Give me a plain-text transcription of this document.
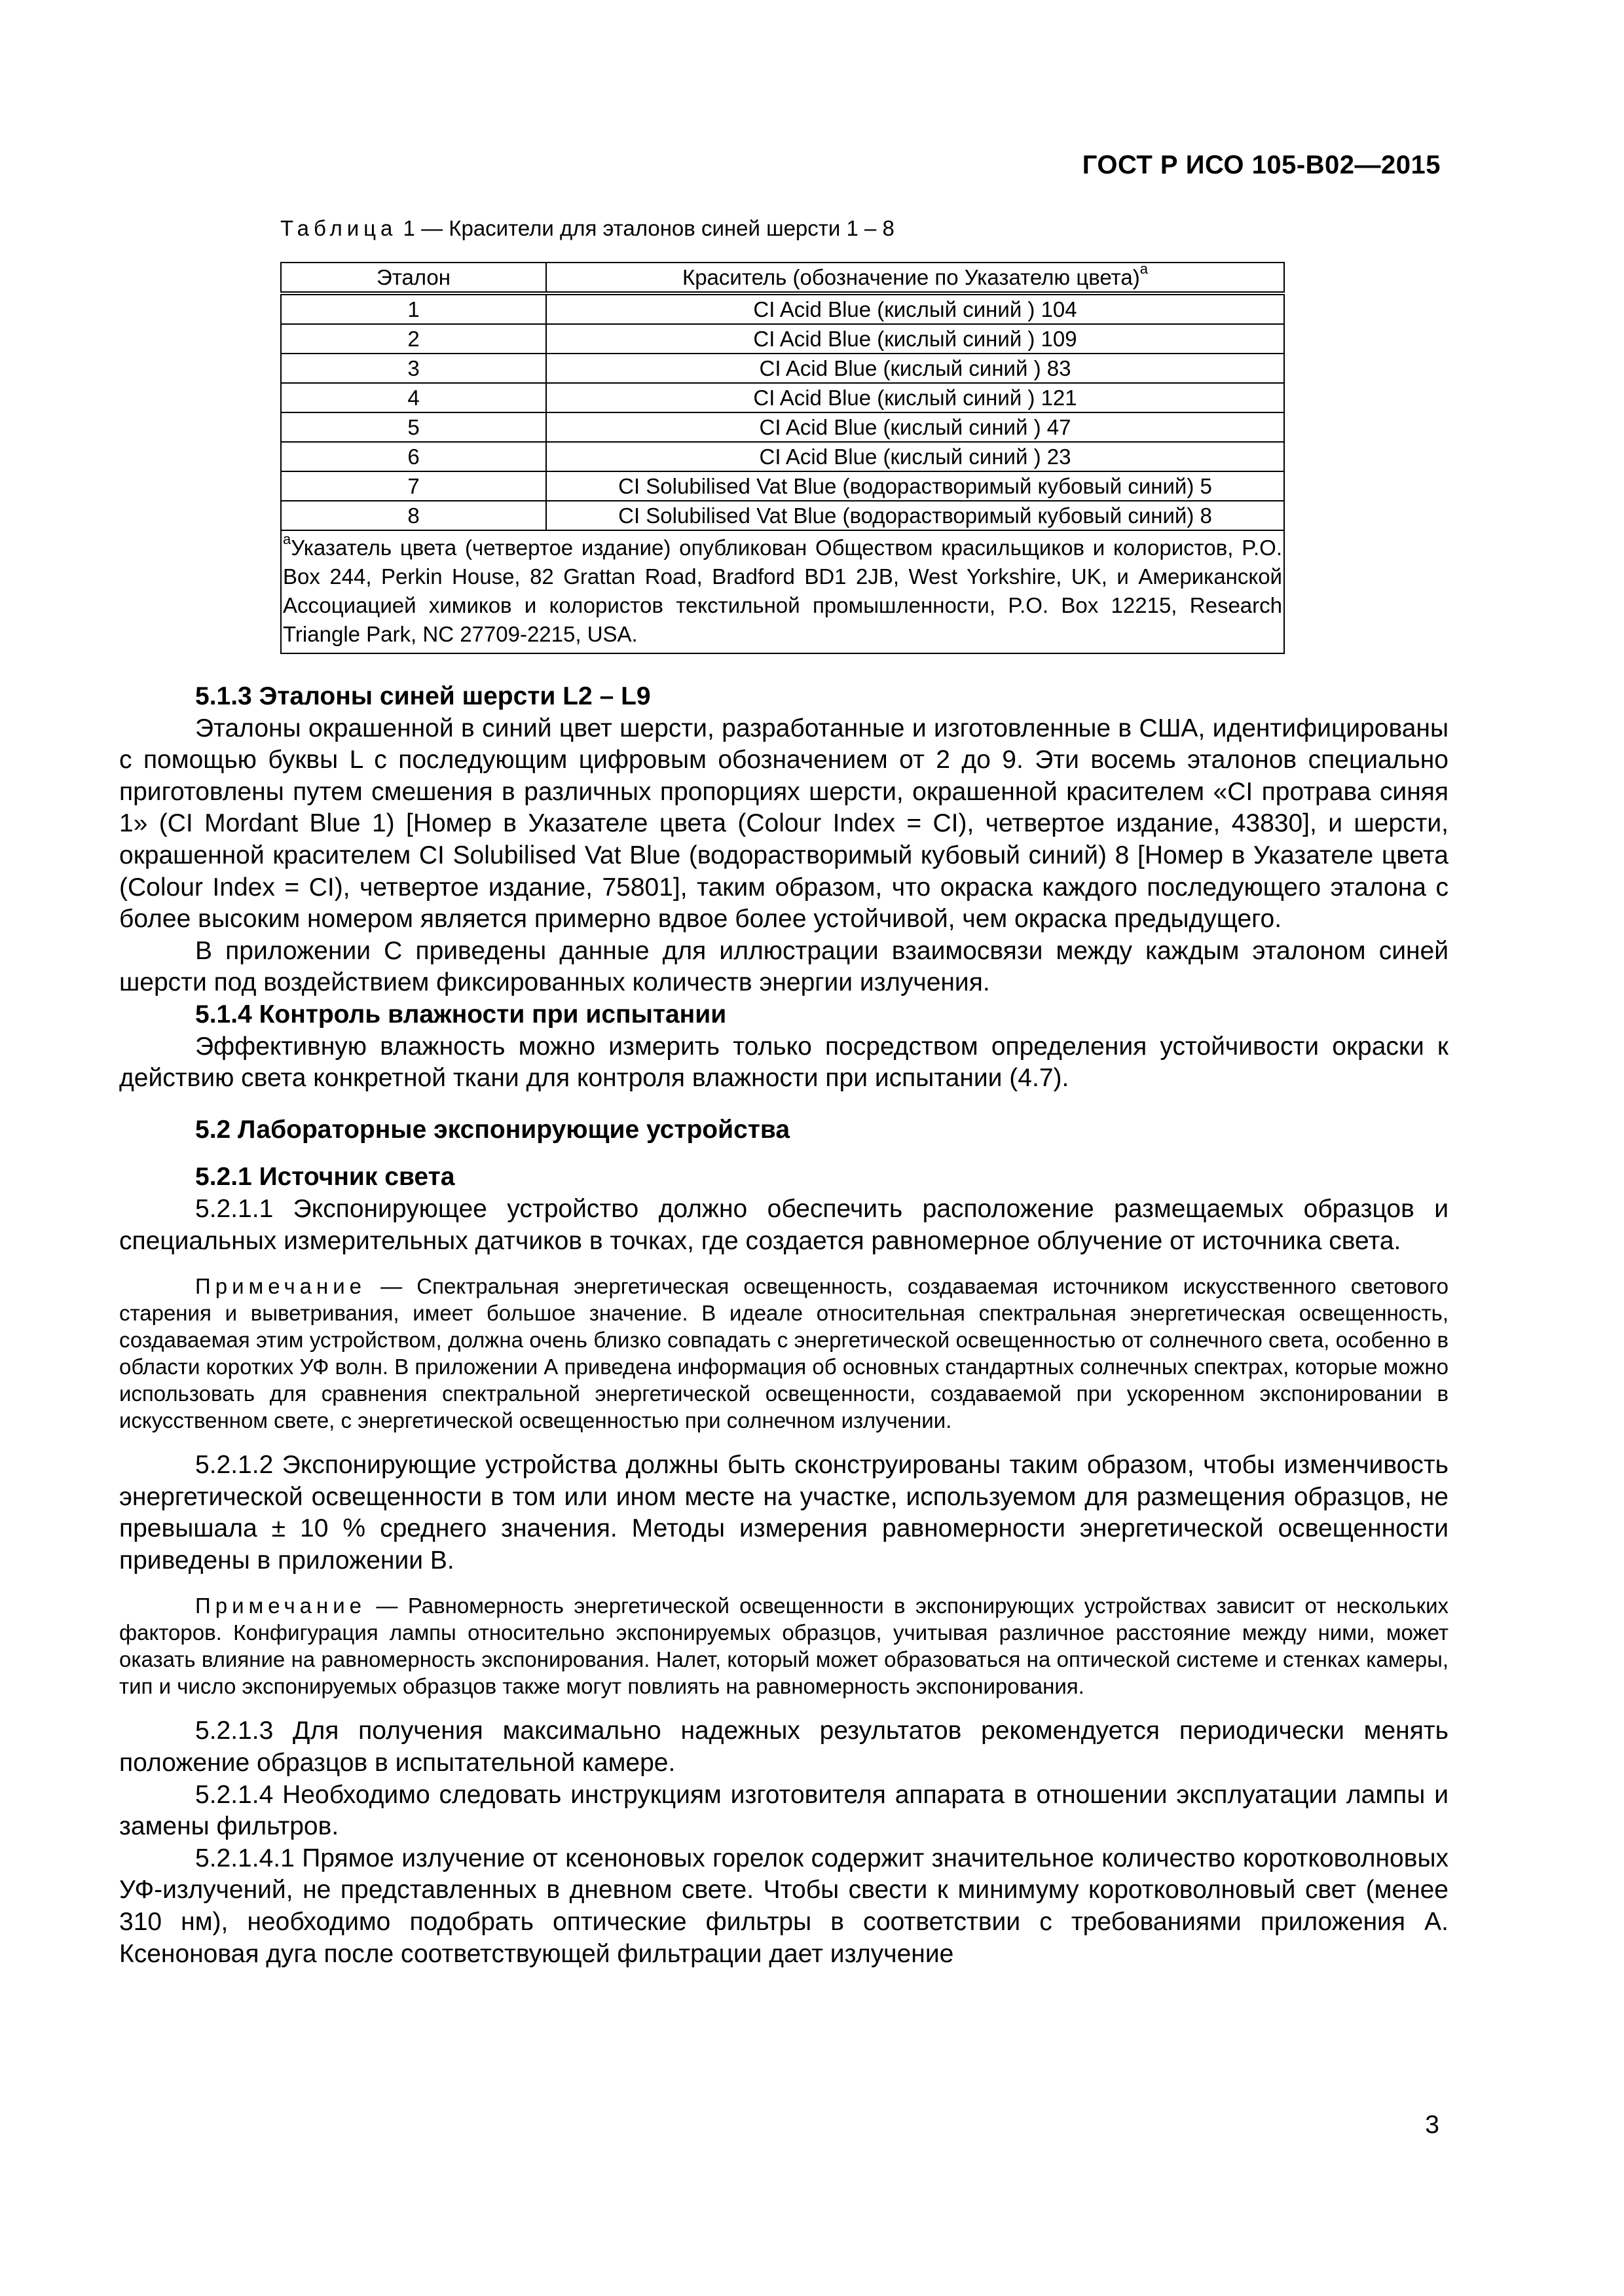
ГОСТ Р ИСО 105-В02—2015
Таблица 1 — Красители для эталонов синей шерсти 1 – 8
Эталон	Краситель (обозначение по Указателю цвета)$^a$
1	CI Acid Blue (кислый синий ) 104
2	CI Acid Blue (кислый синий ) 109
3	CI Acid Blue (кислый синий ) 83
4	CI Acid Blue (кислый синий ) 121
5	CI Acid Blue (кислый синий ) 47
6	CI Acid Blue (кислый синий ) 23
7	CI Solubilised Vat Blue (водорастворимый кубовый синий) 5
8	CI Solubilised Vat Blue (водорастворимый кубовый синий) 8
$^a$Указатель цвета (четвертое издание) опубликован Обществом красильщиков и колористов, P.O. Box 244, Perkin House, 82 Grattan Road, Bradford BD1 2JB, West Yorkshire, UK, и Американской Ассоциацией химиков и колористов текстильной промышленности, P.O. Box 12215, Research Triangle Park, NC 27709-2215, USA.	
5.1.3 Эталоны синей шерсти L2 – L9

Эталоны окрашенной в синий цвет шерсти, разработанные и изготовленные в США, идентифицированы с помощью буквы L с последующим цифровым обозначением от 2 до 9. Эти восемь эталонов специально приготовлены путем смешения в различных пропорциях шерсти, окрашенной красителем «CI протрава синяя 1» (CI Mordant Blue 1) [Номер в Указателе цвета (Colour Index = CI), четвертое издание, 43830], и шерсти, окрашенной красителем CI Solubilised Vat Blue (водорастворимый кубовый синий) 8 [Номер в Указателе цвета (Colour Index = CI), четвертое издание, 75801], таким образом, что окраска каждого последующего эталона с более высоким номером является примерно вдвое более устойчивой, чем окраска предыдущего.

В приложении С приведены данные для иллюстрации взаимосвязи между каждым эталоном синей шерсти под воздействием фиксированных количеств энергии излучения.

5.1.4 Контроль влажности при испытании

Эффективную влажность можно измерить только посредством определения устойчивости окраски к действию света конкретной ткани для контроля влажности при испытании (4.7).

5.2 Лабораторные экспонирующие устройства
5.2.1 Источник света

5.2.1.1 Экспонирующее устройство должно обеспечить расположение размещаемых образцов и специальных измерительных датчиков в точках, где создается равномерное облучение от источника света.

Примечание — Спектральная энергетическая освещенность, создаваемая источником искусственного светового старения и выветривания, имеет большое значение. В идеале относительная спектральная энергетическая освещенность, создаваемая этим устройством, должна очень близко совпадать с энергетической освещенностью от солнечного света, особенно в области коротких УФ волн. В приложении А приведена информация об основных стандартных солнечных спектрах, которые можно использовать для сравнения спектральной энергетической освещенности, создаваемой при ускоренном экспонировании в искусственном свете, с энергетической освещенностью при солнечном излучении.

5.2.1.2 Экспонирующие устройства должны быть сконструированы таким образом, чтобы изменчивость энергетической освещенности в том или ином месте на участке, используемом для размещения образцов, не превышала ± 10 % среднего значения. Методы измерения равномерности энергетической освещенности приведены в приложении В.

Примечание — Равномерность энергетической освещенности в экспонирующих устройствах зависит от нескольких факторов. Конфигурация лампы относительно экспонируемых образцов, учитывая различное расстояние между ними, может оказать влияние на равномерность экспонирования. Налет, который может образоваться на оптической системе и стенках камеры, тип и число экспонируемых образцов также могут повлиять на равномерность экспонирования.

5.2.1.3 Для получения максимально надежных результатов рекомендуется периодически менять положение образцов в испытательной камере.

5.2.1.4 Необходимо следовать инструкциям изготовителя аппарата в отношении эксплуатации лампы и замены фильтров.

5.2.1.4.1 Прямое излучение от ксеноновых горелок содержит значительное количество коротковолновых УФ-излучений, не представленных в дневном свете. Чтобы свести к минимуму коротковолновый свет (менее 310 нм), необходимо подобрать оптические фильтры в соответствии с требованиями приложения А. Ксеноновая дуга после соответствующей фильтрации дает излучение

3
